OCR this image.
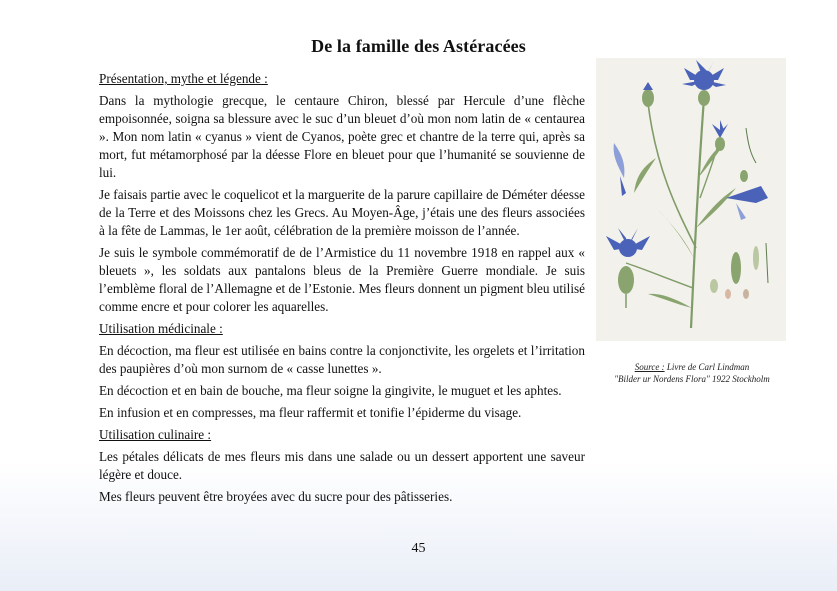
De la famille des Astéracées
Présentation, mythe et légende :

Dans la mythologie grecque, le centaure Chiron, blessé par Hercule d’une flèche empoisonnée, soigna sa blessure avec le suc d’un bleuet d’où mon nom latin de « centaurea ». Mon nom latin « cyanus » vient de Cyanos, poète grec et chantre de la terre qui, après sa mort, fut métamorphosé par la déesse Flore en bleuet pour que l’humanité se souvienne de lui.

Je faisais partie avec le coquelicot et la marguerite de la parure capillaire de Déméter déesse de la Terre et des Moissons chez les Grecs. Au Moyen-Âge, j’étais une des fleurs associées à la fête de Lammas, le 1er août, célébration de la première moisson de l’année.

Je suis le symbole commémoratif de de l’Armistice du 11 novembre 1918 en rappel aux « bleuets », les soldats aux pantalons bleus de la Première Guerre mondiale. Je suis l’emblème floral de l’Allemagne et de l’Estonie. Mes fleurs donnent un pigment bleu utilisé comme encre et pour colorer les aquarelles.

Utilisation médicinale :

En décoction, ma fleur est utilisée en bains contre la conjonctivite, les orgelets et l’irritation des paupières d’où mon surnom de « casse lunettes ».

En décoction et en bain de bouche, ma fleur soigne la gingivite, le muguet et les aphtes.

En infusion et en compresses, ma fleur raffermit et tonifie l’épiderme du visage.

Utilisation culinaire :

Les pétales délicats de mes fleurs mis dans une salade ou un dessert apportent une saveur légère et douce.

Mes fleurs peuvent être broyées avec du sucre pour des pâtisseries.

Source : Livre de Carl Lindman
"Bilder ur Nordens Flora" 1922 Stockholm
45
